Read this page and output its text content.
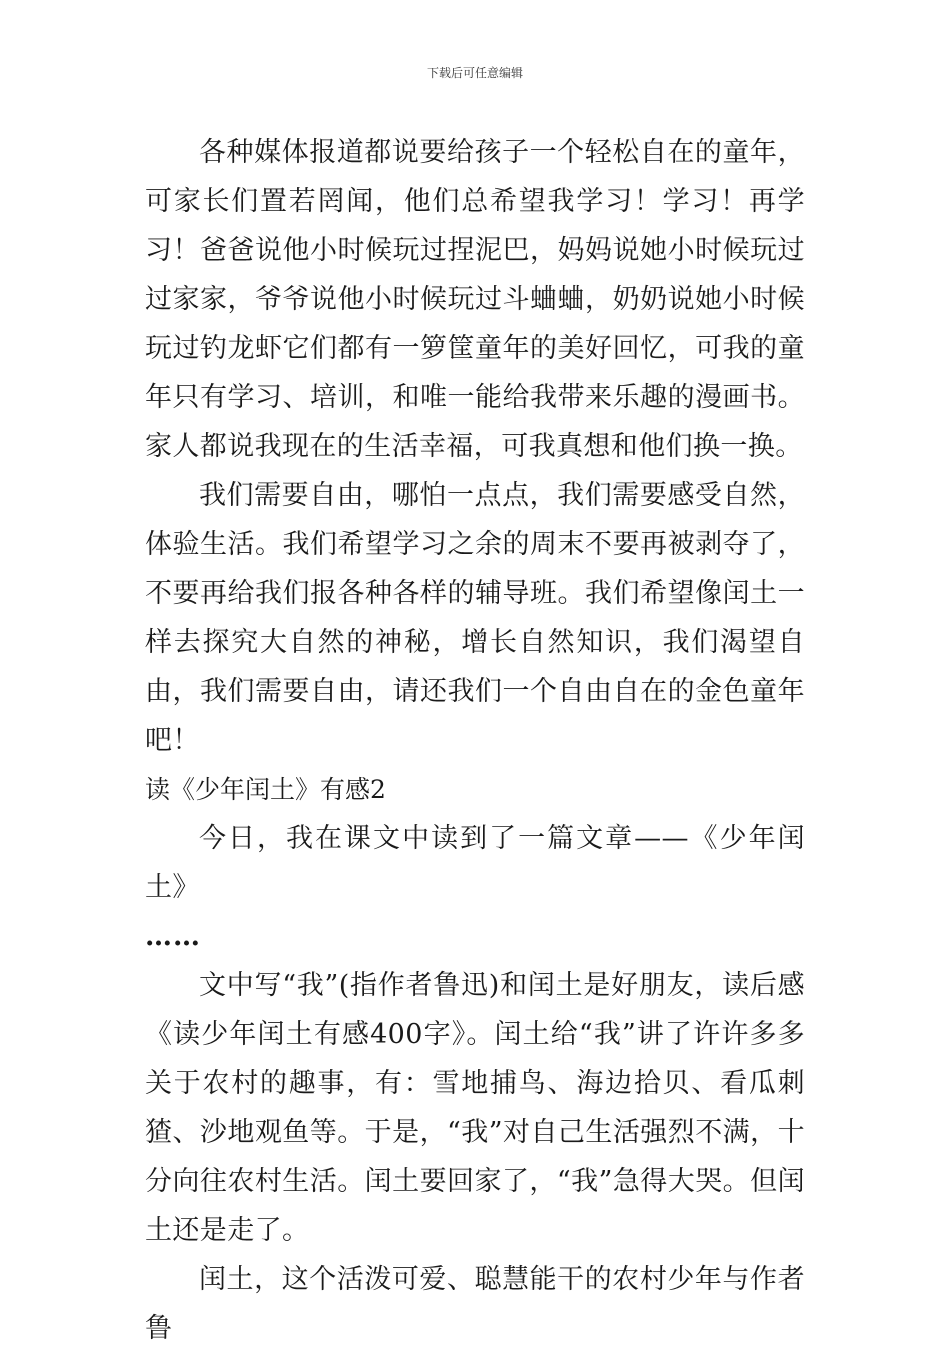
下载后可任意编辑

各种媒体报道都说要给孩子一个轻松自在的童年，可家长们置若罔闻，他们总希望我学习！学习！再学习！爸爸说他小时候玩过捏泥巴，妈妈说她小时候玩过过家家，爷爷说他小时候玩过斗蛐蛐，奶奶说她小时候玩过钓龙虾它们都有一箩筐童年的美好回忆，可我的童年只有学习、培训，和唯一能给我带来乐趣的漫画书。家人都说我现在的生活幸福，可我真想和他们换一换。

我们需要自由，哪怕一点点，我们需要感受自然，体验生活。我们希望学习之余的周末不要再被剥夺了，不要再给我们报各种各样的辅导班。我们希望像闰土一样去探究大自然的神秘，增长自然知识，我们渴望自由，我们需要自由，请还我们一个自由自在的金色童年吧！

读《少年闰土》有感2

今日，我在课文中读到了一篇文章——《少年闰土》

……

文中写“我”(指作者鲁迅)和闰土是好朋友，读后感《读少年闰土有感400字》。闰土给“我”讲了许许多多关于农村的趣事，有：雪地捕鸟、海边拾贝、看瓜刺猹、沙地观鱼等。于是，“我”对自己生活强烈不满，十分向往农村生活。闰土要回家了，“我”急得大哭。但闰土还是走了。

闰土，这个活泼可爱、聪慧能干的农村少年与作者鲁
